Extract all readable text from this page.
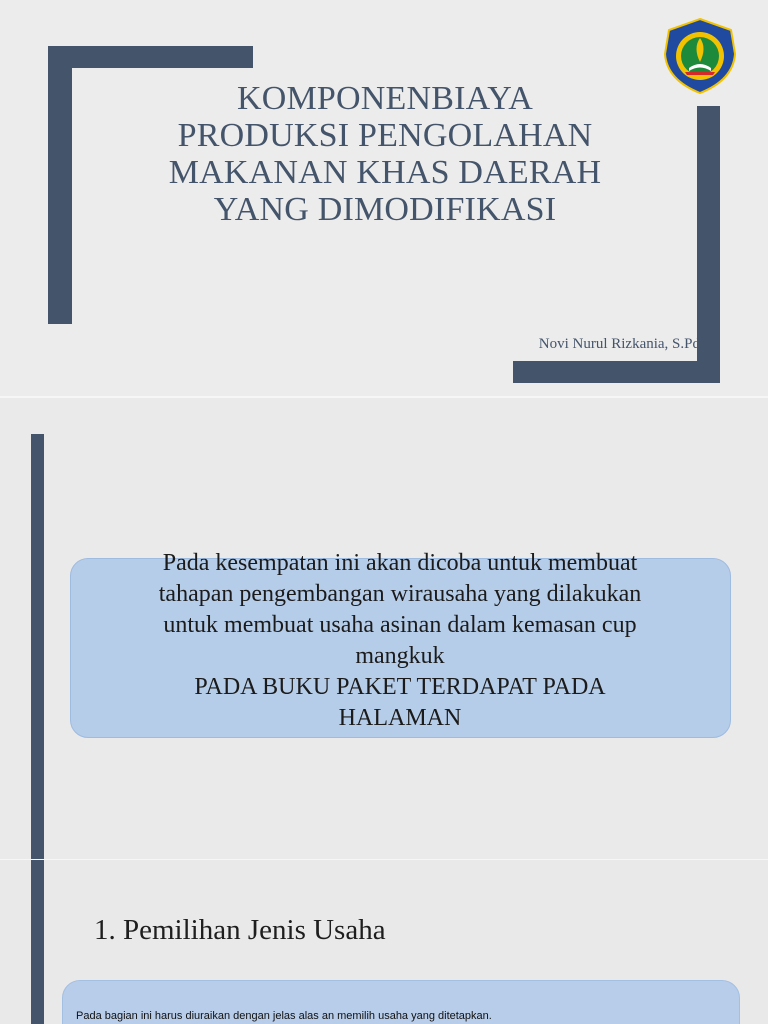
KOMPONENBIAYA
PRODUKSI PENGOLAHAN
MAKANAN KHAS DAERAH
YANG DIMODIFIKASI
Novi Nurul Rizkania, S.Pd
Pada kesempatan ini akan dicoba untuk membuat
tahapan pengembangan wirausaha yang dilakukan
untuk membuat usaha asinan dalam kemasan cup
mangkuk
PADA BUKU PAKET TERDAPAT PADA
HALAMAN
1. Pemilihan Jenis Usaha
Pada bagian ini harus diuraikan dengan jelas alas an memilih usaha yang ditetapkan.
